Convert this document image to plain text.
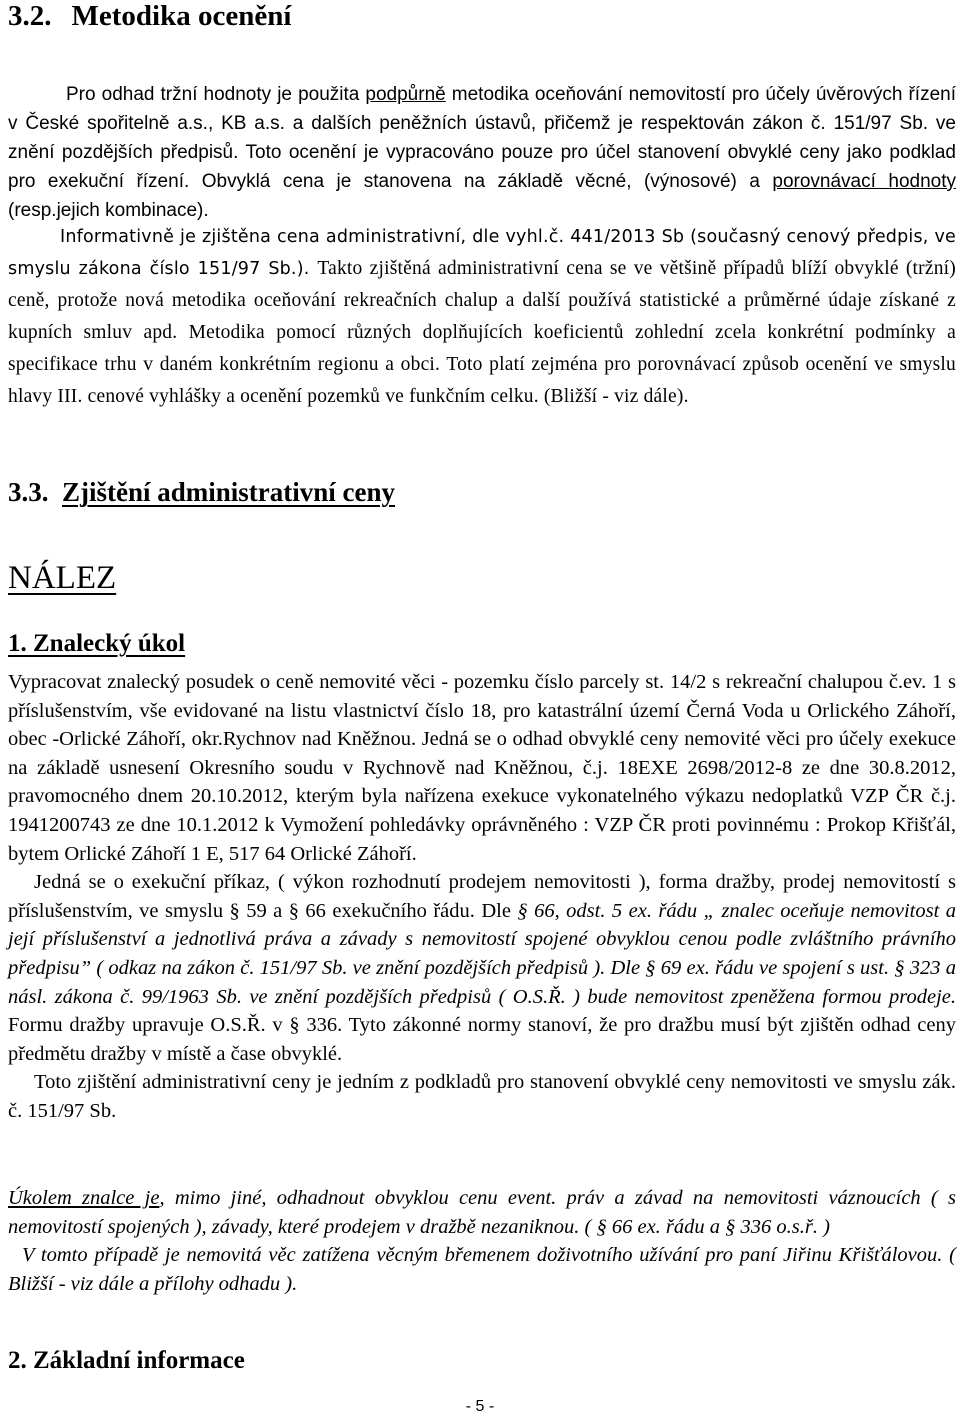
3.2. Metodika ocenění

Pro odhad tržní hodnoty je použita podpůrně metodika oceňování nemovitostí pro účely úvěrových řízení v České spořitelně a.s., KB a.s. a dalších peněžních ústavů, přičemž je respektován zákon č. 151/97 Sb. ve znění pozdějších předpisů. Toto ocenění je vypracováno pouze pro účel stanovení obvyklé ceny jako podklad pro exekuční řízení. Obvyklá cena je stanovena na základě věcné, (výnosové) a porovnávací hodnoty (resp.jejich kombinace).

Informativně je zjištěna cena administrativní, dle vyhl.č. 441/2013 Sb (současný cenový předpis, ve smyslu zákona číslo 151/97 Sb.). Takto zjištěná administrativní cena se ve většině případů blíží obvyklé (tržní) ceně, protože nová metodika oceňování rekreačních chalup a další používá statistické a průměrné údaje získané z kupních smluv apd. Metodika pomocí různých doplňujících koeficientů zohlední zcela konkrétní podmínky a specifikace trhu v daném konkrétním regionu a obci. Toto platí zejména pro porovnávací způsob ocenění ve smyslu hlavy III. cenové vyhlášky a ocenění pozemků ve funkčním celku. (Bližší - viz dále).

3.3. Zjištění administrativní ceny
NÁLEZ
1. Znalecký úkol

Vypracovat znalecký posudek o ceně nemovité věci - pozemku číslo parcely st. 14/2 s rekreační chalupou č.ev. 1 s příslušenstvím, vše evidované na listu vlastnictví číslo 18, pro katastrální území Černá Voda u Orlického Záhoří, obec -Orlické Záhoří, okr.Rychnov nad Kněžnou. Jedná se o odhad obvyklé ceny nemovité věci pro účely exekuce na základě usnesení Okresního soudu v Rychnově nad Kněžnou, č.j. 18EXE 2698/2012-8 ze dne 30.8.2012, pravomocného dnem 20.10.2012, kterým byla nařízena exekuce vykonatelného výkazu nedoplatků VZP ČR č.j. 1941200743 ze dne 10.1.2012 k Vymožení pohledávky oprávněného : VZP ČR proti povinnému : Prokop Křišťál, bytem Orlické Záhoří 1 E, 517 64 Orlické Záhoří.

Jedná se o exekuční příkaz, ( výkon rozhodnutí prodejem nemovitosti ), forma dražby, prodej nemovitostí s příslušenstvím, ve smyslu § 59 a § 66 exekučního řádu. Dle § 66, odst. 5 ex. řádu „ znalec oceňuje nemovitost a její příslušenství a jednotlivá práva a závady s nemovitostí spojené obvyklou cenou podle zvláštního právního předpisu” ( odkaz na zákon č. 151/97 Sb. ve znění pozdějších předpisů ). Dle § 69 ex. řádu ve spojení s ust. § 323 a násl. zákona č. 99/1963 Sb. ve znění pozdějších předpisů ( O.S.Ř. ) bude nemovitost zpeněžena formou prodeje. Formu dražby upravuje O.S.Ř. v § 336. Tyto zákonné normy stanoví, že pro dražbu musí být zjištěn odhad ceny předmětu dražby v místě a čase obvyklé.

Toto zjištění administrativní ceny je jedním z podkladů pro stanovení obvyklé ceny nemovitosti ve smyslu zák. č. 151/97 Sb.

Úkolem znalce je, mimo jiné, odhadnout obvyklou cenu event. práv a závad na nemovitosti váznoucích ( s nemovitostí spojených ), závady, které prodejem v dražbě nezaniknou. ( § 66 ex. řádu a § 336 o.s.ř. )

V tomto případě je nemovitá věc zatížena věcným břemenem doživotního užívání pro paní Jiřinu Křišťálovou. ( Bližší - viz dále a přílohy odhadu ).

2. Základní informace
- 5 -
